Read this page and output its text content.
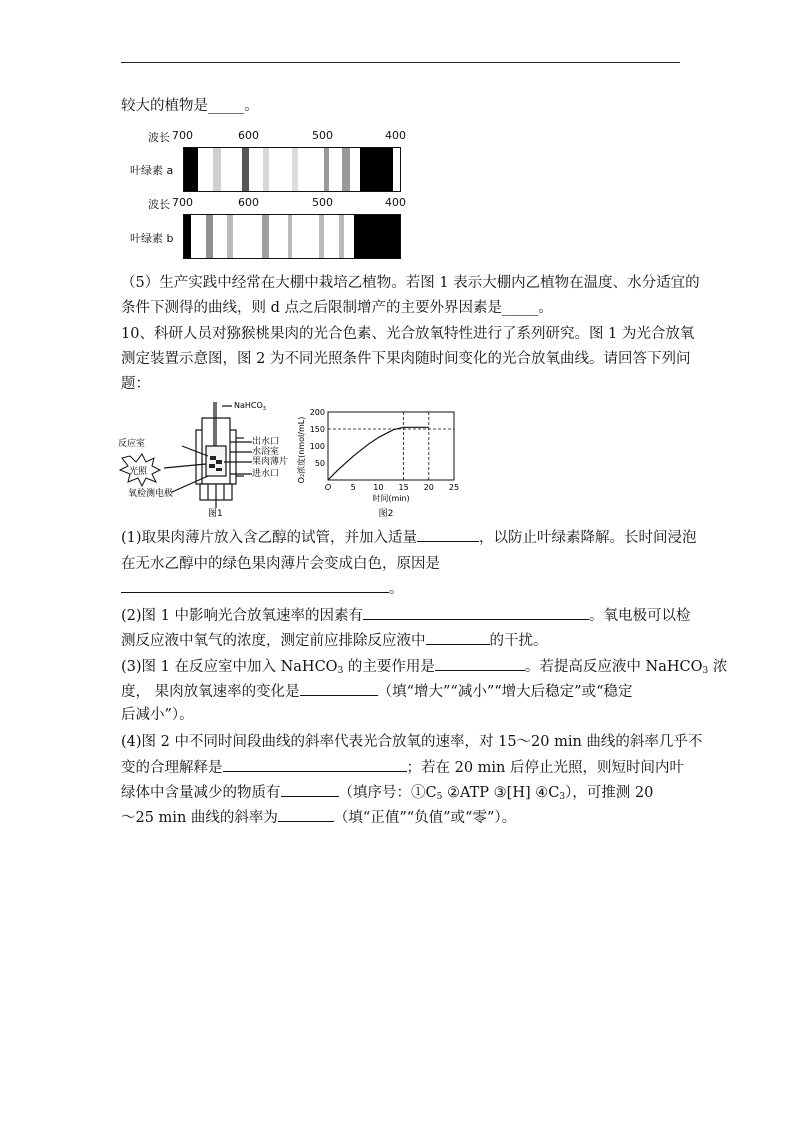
较大的植物是_____。
波长 700	600	500	400
叶绿素 a
波长 700	600	500	400
叶绿素 b
（5）生产实践中经常在大棚中栽培乙植物。若图 1 表示大棚内乙植物在温度、水分适宜的
条件下测得的曲线，则 d 点之后限制增产的主要外界因素是_____。
10、科研人员对猕猴桃果肉的光合色素、光合放氧特性进行了系列研究。图 1 为光合放氧
测定装置示意图，图 2 为不同光照条件下果肉随时间变化的光合放氧曲线。请回答下列问
题：
NaHCO$_3$
反应室
光照
氧检测电极
出水口
水浴室
果肉薄片
进水口
图1
O 5 10 15 20 25
50
100
150
200
O₂浓度(nmol/mL)
时间(min)
图2
(1)取果肉薄片放入含乙醇的试管，并加入适量	，以防止叶绿素降解。长时间浸泡
在无水乙醇中的绿色果肉薄片会变成白色，原因是
。
(2)图 1 中影响光合放氧速率的因素有	。氧电极可以检
测反应液中氧气的浓度，测定前应排除反应液中	的干扰。
(3)图 1 在反应室中加入 NaHCO$_3$ 的主要作用是	。若提高反应液中 NaHCO$_3$ 浓
度， 果肉放氧速率的变化是	（填“增大”“减小”“增大后稳定”或“稳定
后减小”）。
(4)图 2 中不同时间段曲线的斜率代表光合放氧的速率，对 15～20 min 曲线的斜率几乎不
变的合理解释是	；若在 20 min 后停止光照，则短时间内叶
绿体中含量减少的物质有	（填序号：$①C_5$ ②ATP ③[H] $④C_3$），可推测 20
～25 min 曲线的斜率为	（填“正值”“负值”或“零”）。
